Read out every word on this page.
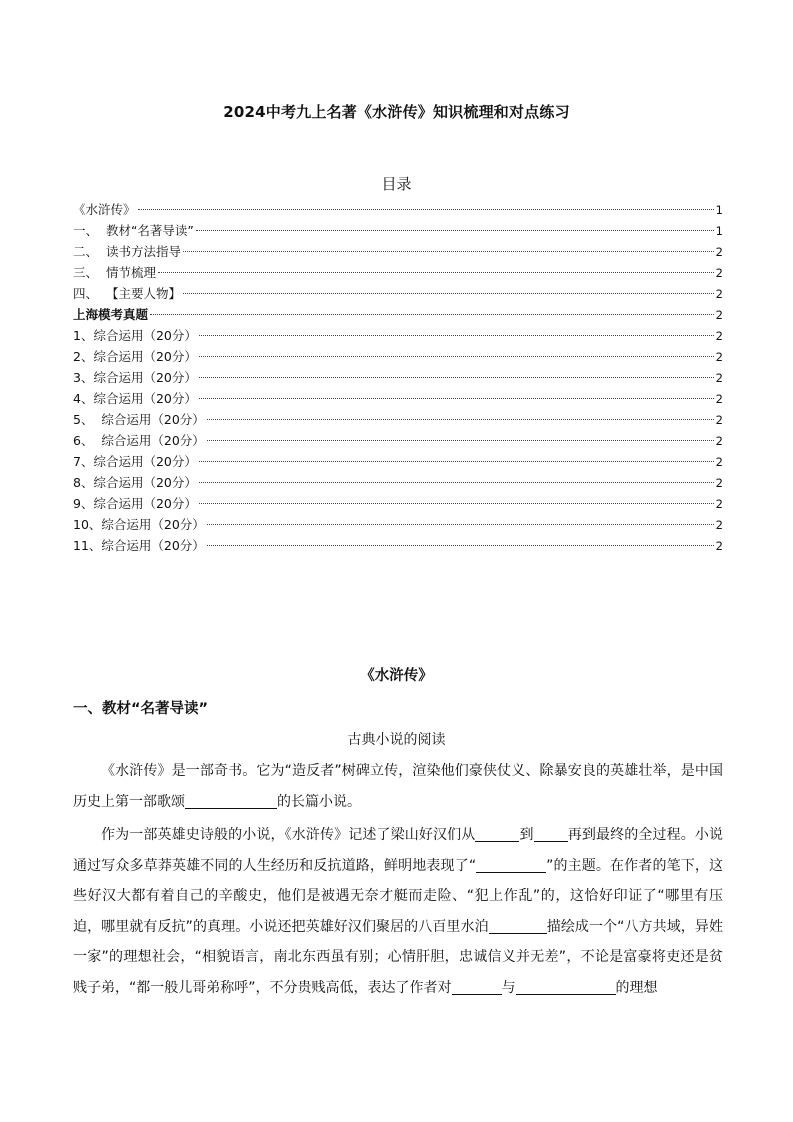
2024中考九上名著《水浒传》知识梳理和对点练习
目录
《水浒传》	1
一、  教材“名著导读”	1
二、  读书方法指导	2
三、  情节梳理	2
四、  【主要人物】	2
上海模考真题	2
1、综合运用（20分）	2
2、综合运用（20分）	2
3、综合运用（20分）	2
4、综合运用（20分）	2
5、  综合运用（20分）	2
6、  综合运用（20分）	2
7、综合运用（20分）	2
8、综合运用（20分）	2
9、综合运用（20分）	2
10、综合运用（20分）	2
11、综合运用（20分）	2
《水浒传》
一、教材“名著导读”
古典小说的阅读
《水浒传》是一部奇书。它为“造反者”树碑立传，渲染他们豪侠仗义、除暴安良的英雄壮举，是中国历史上第一部歌颂	的长篇小说。
作为一部英雄史诗般的小说，《水浒传》记述了梁山好汉们从	到 再到最终的全过程。小说通过写众多草莽英雄不同的人生经历和反抗道路，鲜明地表现了“	”的主题。在作者的笔下，这些好汉大都有着自己的辛酸史，他们是被遇无奈才艇而走险、“犯上作乱”的，这恰好印证了“哪里有压迫，哪里就有反抗”的真理。小说还把英雄好汉们聚居的八百里水泊	描绘成一个“八方共域，异姓一家”的理想社会，“相貌语言，南北东西虽有别；心情肝胆，忠诚信义并无差”，不论是富豪将吏还是贫贱子弟，“都一般儿哥弟称呼”，不分贵贱高低，表达了作者对	与	的理想
